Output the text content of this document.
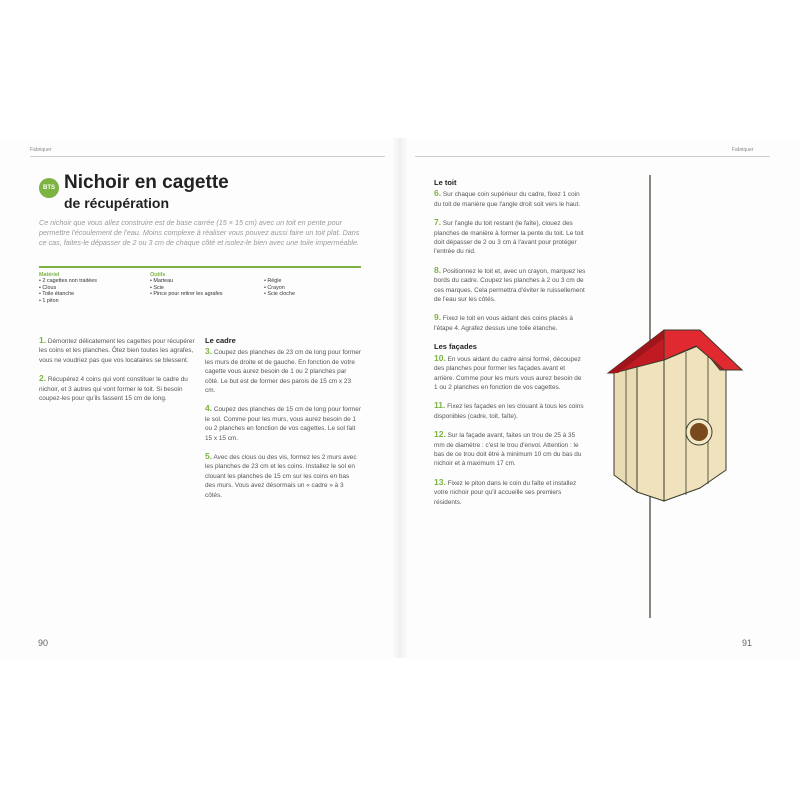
Fabriquer	Fabriquer
BTS Nichoir en cagette
de récupération
Ce nichoir que vous allez construire est de base carrée (15 × 15 cm) avec un toit en pente pour permettre l'écoulement de l'eau. Moins complexe à réaliser vous pouvez aussi faire un toit plat. Dans ce cas, faites-le dépasser de 2 ou 3 cm de chaque côté et isolez-le bien avec une toile imperméable.
Matériel
• 2 cagettes non traitées
• Clous
• Toile étanche
• 1 piton
Outils
• Marteau
• Scie
• Pince pour retirer les agrafes
• Règle
• Crayon
• Scie cloche

1. Démontez délicatement les cagettes pour récupérer les coins et les planches. Ôtez bien toutes les agrafes, vous ne voudriez pas que vos locataires se blessent.

2. Récupérez 4 coins qui vont constituer le cadre du nichoir, et 3 autres qui vont former le toit. Si besoin coupez-les pour qu'ils fassent 15 cm de long.

Le cadre

3. Coupez des planches de 23 cm de long pour former les murs de droite et de gauche. En fonction de votre cagette vous aurez besoin de 1 ou 2 planches par côté. Le but est de former des parois de 15 cm x 23 cm.

4. Coupez des planches de 15 cm de long pour former le sol. Comme pour les murs, vous aurez besoin de 1 ou 2 planches en fonction de vos cagettes. Le sol fait 15 x 15 cm.

5. Avec des clous ou des vis, formez les 2 murs avec les planches de 23 cm et les coins. Installez le sol en clouant les planches de 15 cm sur les coins en bas des murs. Vous avez désormais un « cadre » à 3 côtés.

Le toit

6. Sur chaque coin supérieur du cadre, fixez 1 coin du toit de manière que l'angle droit soit vers le haut.

7. Sur l'angle du toit restant (le faîte), clouez des planches de manière à former la pente du toit. Le toit doit dépasser de 2 ou 3 cm à l'avant pour protéger l'entrée du nid.

8. Positionnez le toit et, avec un crayon, marquez les bords du cadre. Coupez les planches à 2 ou 3 cm de ces marques. Cela permettra d'éviter le ruissellement de l'eau sur les côtés.

9. Fixez le toit en vous aidant des coins placés à l'étape 4. Agrafez dessus une toile étanche.

Les façades

10. En vous aidant du cadre ainsi formé, découpez des planches pour former les façades avant et arrière. Comme pour les murs vous aurez besoin de 1 ou 2 planches en fonction de vos cagettes.

11. Fixez les façades en les clouant à tous les coins disponibles (cadre, toit, faîte).

12. Sur la façade avant, faites un trou de 25 à 35 mm de diamètre : c'est le trou d'envol. Attention : le bas de ce trou doit être à minimum 10 cm du bas du nichoir et à maximum 17 cm.

13. Fixez le piton dans le coin du faîte et installez votre nichoir pour qu'il accueille ses premiers résidents.

90	91
